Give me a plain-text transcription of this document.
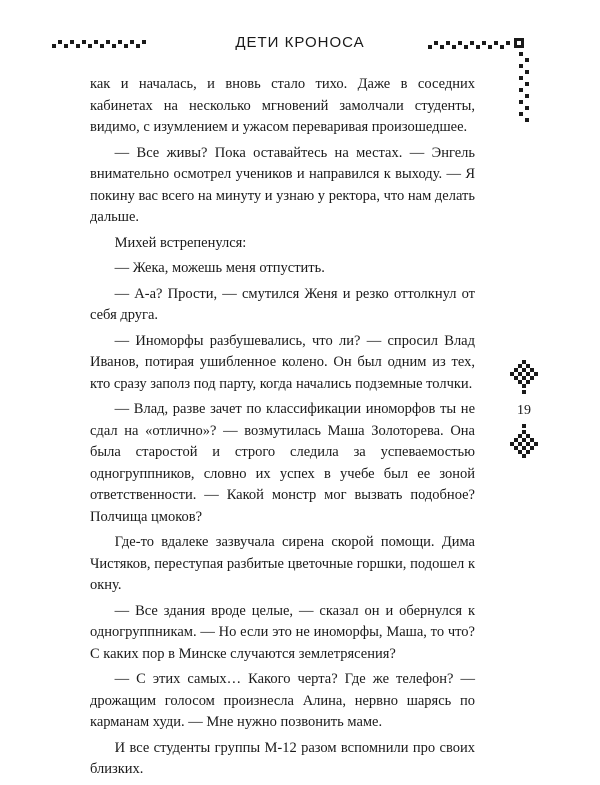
19
ДЕТИ КРОНОСА

как и началась, и вновь стало тихо. Даже в соседних кабинетах на несколько мгновений замолчали студенты, видимо, с изумлением и ужасом переваривая произошедшее.

— Все живы? Пока оставайтесь на местах. — Энгель внимательно осмотрел учеников и направился к выходу. — Я покину вас всего на минуту и узнаю у ректора, что нам делать дальше.

Михей встрепенулся:

— Жека, можешь меня отпустить.

— А-а? Прости, — смутился Женя и резко оттолкнул от себя друга.

— Иноморфы разбушевались, что ли? — спросил Влад Иванов, потирая ушибленное колено. Он был одним из тех, кто сразу заполз под парту, когда начались подземные толчки.

— Влад, разве зачет по классификации иноморфов ты не сдал на «отлично»? — возмутилась Маша Золоторева. Она была старостой и строго следила за успеваемостью одногруппников, словно их успех в учебе был ее зоной ответственности. — Какой монстр мог вызвать подобное? Полчища цмоков?

Где-то вдалеке зазвучала сирена скорой помощи. Дима Чистяков, переступая разбитые цветочные горшки, подошел к окну.

— Все здания вроде целые, — сказал он и обернулся к одногруппникам. — Но если это не иноморфы, Маша, то что? С каких пор в Минске случаются землетрясения?

— С этих самых… Какого черта? Где же телефон? — дрожащим голосом произнесла Алина, нервно шарясь по карманам худи. — Мне нужно позвонить маме.

И все студенты группы М-12 разом вспомнили про своих близких.
